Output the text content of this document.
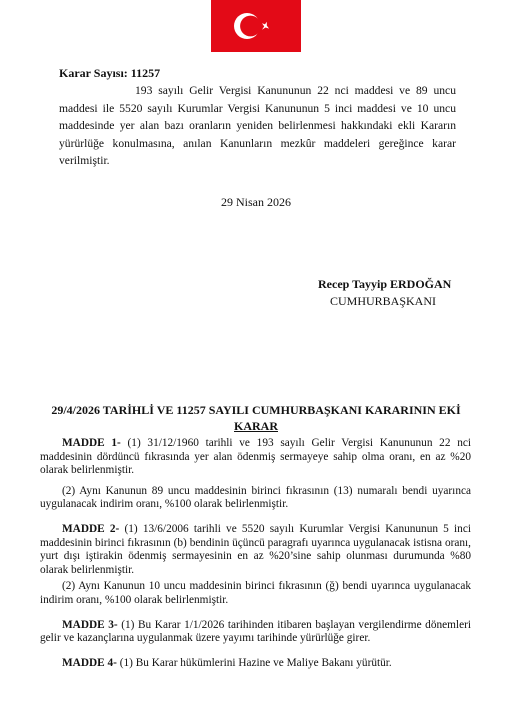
Karar Sayısı: 11257

193 sayılı Gelir Vergisi Kanununun 22 nci maddesi ve 89 uncu maddesi ile 5520 sayılı Kurumlar Vergisi Kanununun 5 inci maddesi ve 10 uncu maddesinde yer alan bazı oranların yeniden belirlenmesi hakkındaki ekli Kararın yürürlüğe konulmasına, anılan Kanunların mezkûr maddeleri gereğince karar verilmiştir.

29 Nisan 2026
Recep Tayyip ERDOĞAN
CUMHURBAŞKANI
29/4/2026 TARİHLİ VE 11257 SAYILI CUMHURBAŞKANI KARARININ EKİ
KARAR

MADDE 1- (1) 31/12/1960 tarihli ve 193 sayılı Gelir Vergisi Kanununun 22 nci maddesinin dördüncü fıkrasında yer alan ödenmiş sermayeye sahip olma oranı, en az %20 olarak belirlenmiştir.

(2) Aynı Kanunun 89 uncu maddesinin birinci fıkrasının (13) numaralı bendi uyarınca uygulanacak indirim oranı, %100 olarak belirlenmiştir.

MADDE 2- (1) 13/6/2006 tarihli ve 5520 sayılı Kurumlar Vergisi Kanununun 5 inci maddesinin birinci fıkrasının (b) bendinin üçüncü paragrafı uyarınca uygulanacak istisna oranı, yurt dışı iştirakin ödenmiş sermayesinin en az %20’sine sahip olunması durumunda %80 olarak belirlenmiştir.

(2) Aynı Kanunun 10 uncu maddesinin birinci fıkrasının (ğ) bendi uyarınca uygulanacak indirim oranı, %100 olarak belirlenmiştir.

MADDE 3- (1) Bu Karar 1/1/2026 tarihinden itibaren başlayan vergilendirme dönemleri gelir ve kazançlarına uygulanmak üzere yayımı tarihinde yürürlüğe girer.

MADDE 4- (1) Bu Karar hükümlerini Hazine ve Maliye Bakanı yürütür.
